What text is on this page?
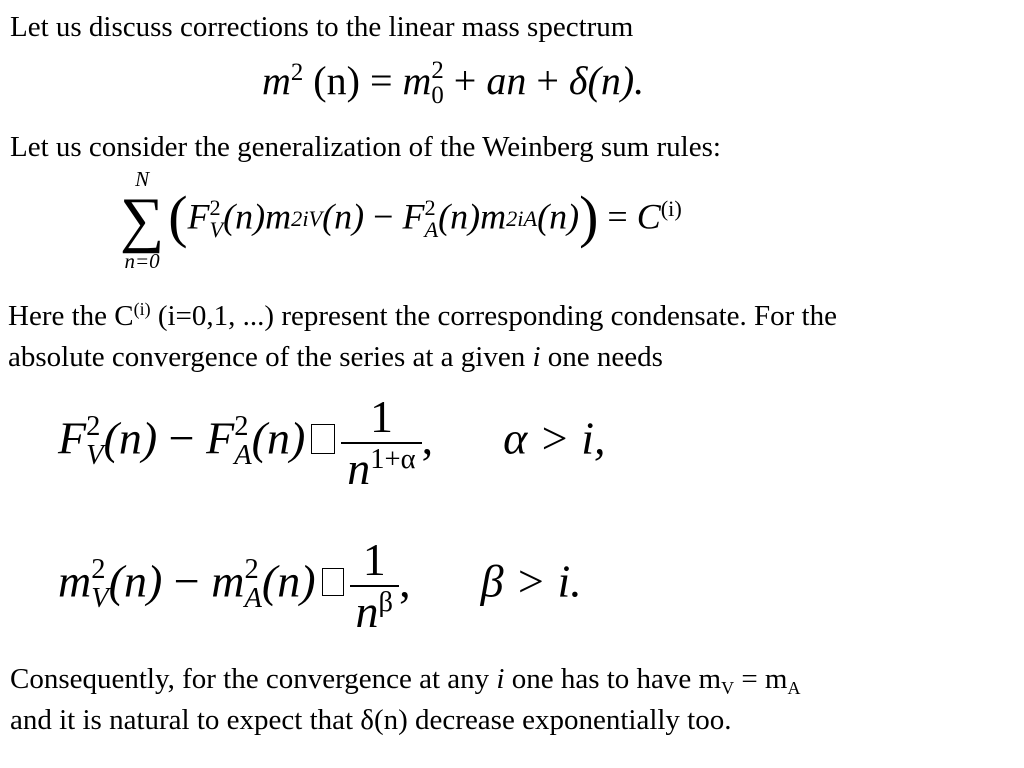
Let us discuss corrections to the linear mass spectrum
$m^2$ (n) = m 2
0 + an + δ(n).
Let us consider the generalization of the Weinberg sum rules:
N
∑
n=0
(F 2
V(n)m2iV(n) − F 2
$A(n)m2iA(n)) = C^{(i)}$
Here the $C^{(i)}$ (i=0,1, ...) represent the corresponding condensate. For the
absolute convergence of the series at a given i one needs
F 2
V(n) − F 2
$A(n) \frac{1}{n^{1+\alpha}}$ , α > i,
m 2
V(n) − m 2
$A(n) \frac{1}{n^\beta}$ , β > i.
Consequently, for the convergence at any i one has to have $m_V = m_A$
and it is natural to expect that δ(n) decrease exponentially too.
